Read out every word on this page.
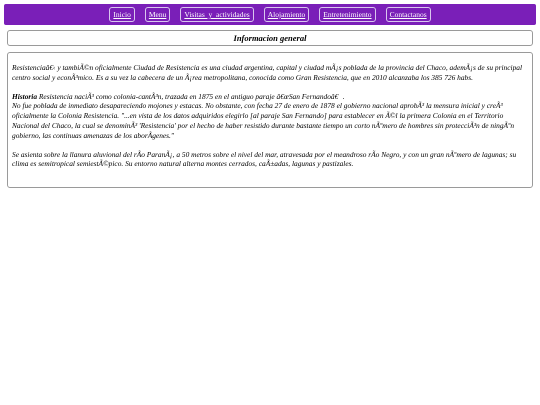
Inicio	Menu	Visitas  y  actividades	Alojamiento	Entretenimiento	Contactanos
Informacion general

Resistenciaâ€‹ y tambiÃ©n oficialmente Ciudad de Resistencia es una ciudad argentina, capital y ciudad mÃ¡s poblada de la provincia del Chaco, ademÃ¡s de su principal centro social y econÃ³mico. Es a su vez la cabecera de un Ã¡rea metropolitana, conocida como Gran Resistencia, que en 2010 alcanzaba los 385 726 habs.

Historia Resistencia naciÃ³ como colonia-cantÃ³n, trazada en 1875 en el antiguo paraje â€œSan Fernandoâ€.
No fue poblada de inmediato desapareciendo mojones y estacas. No obstante, con fecha 27 de enero de 1878 el gobierno nacional aprobÃ³ la mensura inicial y creÃ³ oficialmente la Colonia Resistencia. "...en vista de los datos adquiridos elegirlo [al paraje San Fernando] para establecer en Ã©l la primera Colonia en el Territorio Nacional del Chaco, la cual se denominÃ³ 'Resistencia' por el hecho de haber resistido durante bastante tiempo un corto nÃºmero de hombres sin protecciÃ³n de ningÃºn gobierno, las continuas amenazas de los aborÃgenes."

Se asienta sobre la llanura aluvional del rÃo ParanÃ¡, a 50 metros sobre el nivel del mar, atravesada por el meandroso rÃo Negro, y con un gran nÃºmero de lagunas; su clima es semitropical semiestÃ©pico. Su entorno natural alterna montes cerrados, caÃ±adas, lagunas y pastizales.
